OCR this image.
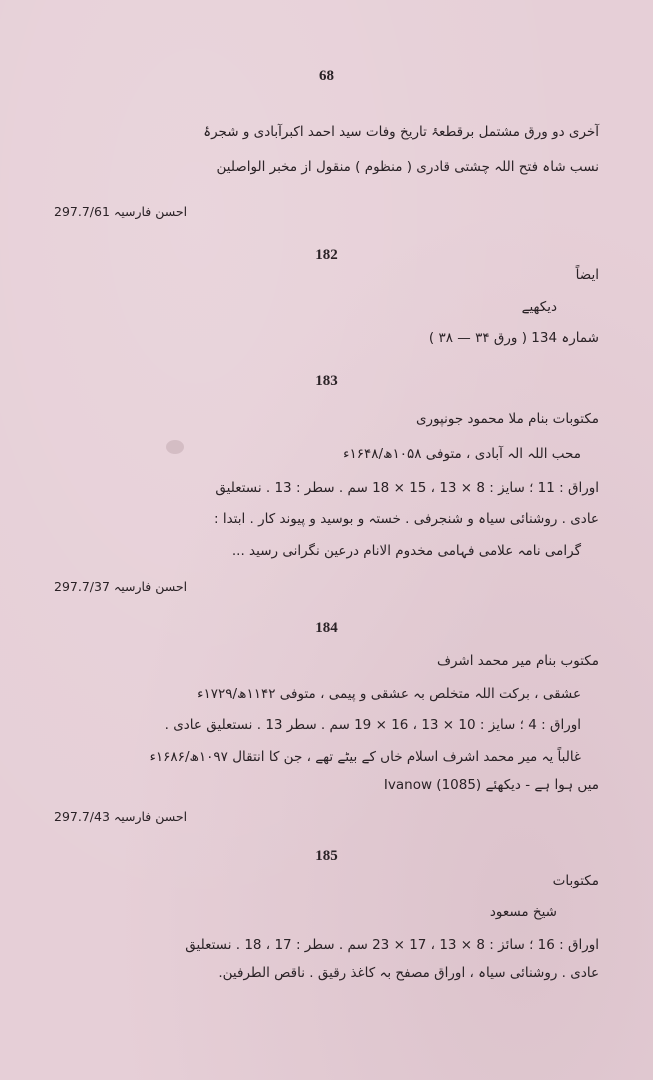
68
آخری دو ورق مشتمل برقطعۂ تاریخ وفات سید احمد اکبرآبادی و شجرۂ
نسب شاہ فتح اللہ چشتی قادری ( منظوم ) منقول از مخبر الواصلین
احسن فارسیہ 297.7/61
182
ایضاً
دیکھیے
شمارہ 134 ( ورق ۳۴ — ۳۸ )
183
مکتوبات بنام ملا محمود جونپوری
محب اللہ الہ آبادی ، متوفی ۱۰۵۸ھ/۱۶۴۸ء
اوراق : 11 ؛ سایز : 8 × 13 ، 15 × 18 سم . سطر : 13 . نستعلیق
عادی . روشنائی سیاہ و شنجرفی . خستہ و بوسید و پیوند کار . ابتدا :
گرامی نامہ علامی فہامی مخدوم الانام درعین نگرانی رسید ...
احسن فارسیہ 297.7/37
184
مکتوب بنام میر محمد اشرف
عشقی ، برکت اللہ متخلص بہ عشقی و پیمی ، متوفی ۱۱۴۲ھ/۱۷۲۹ء
اوراق : 4 ؛ سایز : 10 × 13 ، 16 × 19 سم . سطر 13 . نستعلیق عادی .
غالباً یہ میر محمد اشرف اسلام خاں کے بیٹے تھے ، جن کا انتقال ۱۰۹۷ھ/۱۶۸۶ء
میں ہوا ہے - دیکھئے Ivanow (1085)
احسن فارسیہ 297.7/43
185
مکتوبات
شیخ مسعود
اوراق : 16 ؛ سائز : 8 × 13 ، 17 × 23 سم . سطر : 17 ، 18 . نستعلیق
عادی . روشنائی سیاہ ، اوراق مصفح بہ کاغذ رقیق . ناقص الطرفین.
